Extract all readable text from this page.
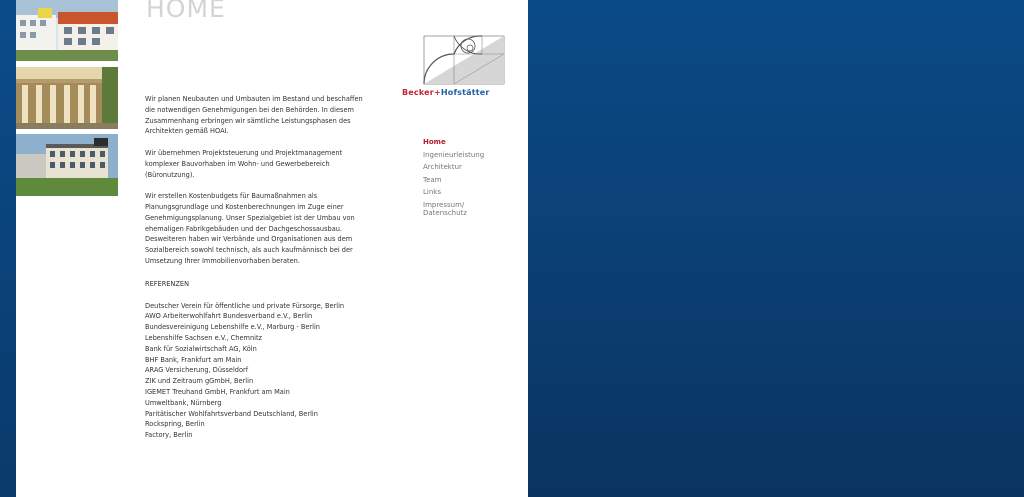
HOME

Wir planen Neubauten und Umbauten im Bestand und beschaffen die notwendigen Genehmigungen bei den Behörden. In diesem Zusammenhang erbringen wir sämtliche Leistungsphasen des Architekten gemäß HOAI.

Wir übernehmen Projektsteuerung und Projektmanagement komplexer Bauvorhaben im Wohn- und Gewerbebereich (Büronutzung).

Wir erstellen Kostenbudgets für Baumaßnahmen als Planungsgrundlage und Kostenberechnungen im Zuge einer Genehmigungsplanung. Unser Spezialgebiet ist der Umbau von ehemaligen Fabrikgebäuden und der Dachgeschossausbau. Desweiteren haben wir Verbände und Organisationen aus dem Sozialbereich sowohl technisch, als auch kaufmännisch bei der Umsetzung Ihrer Immobilienvorhaben beraten.

REFERENZEN
Deutscher Verein für öffentliche und private Fürsorge, Berlin
AWO Arbeiterwohlfahrt Bundesverband e.V., Berlin
Bundesvereinigung Lebenshilfe e.V., Marburg - Berlin
Lebenshilfe Sachsen e.V., Chemnitz
Bank für Sozialwirtschaft AG, Köln
BHF Bank, Frankfurt am Main
ARAG Versicherung, Düsseldorf
ZIK und Zeitraum gGmbH, Berlin
IGEMET Treuhand GmbH, Frankfurt am Main
Umweltbank, Nürnberg
Paritätischer Wohlfahrtsverband Deutschland, Berlin
Rockspring, Berlin
Factory, Berlin
Becker+Hofstätter
Home
Ingenieurleistung
Architektur
Team
Links
Impressum/
Datenschutz
